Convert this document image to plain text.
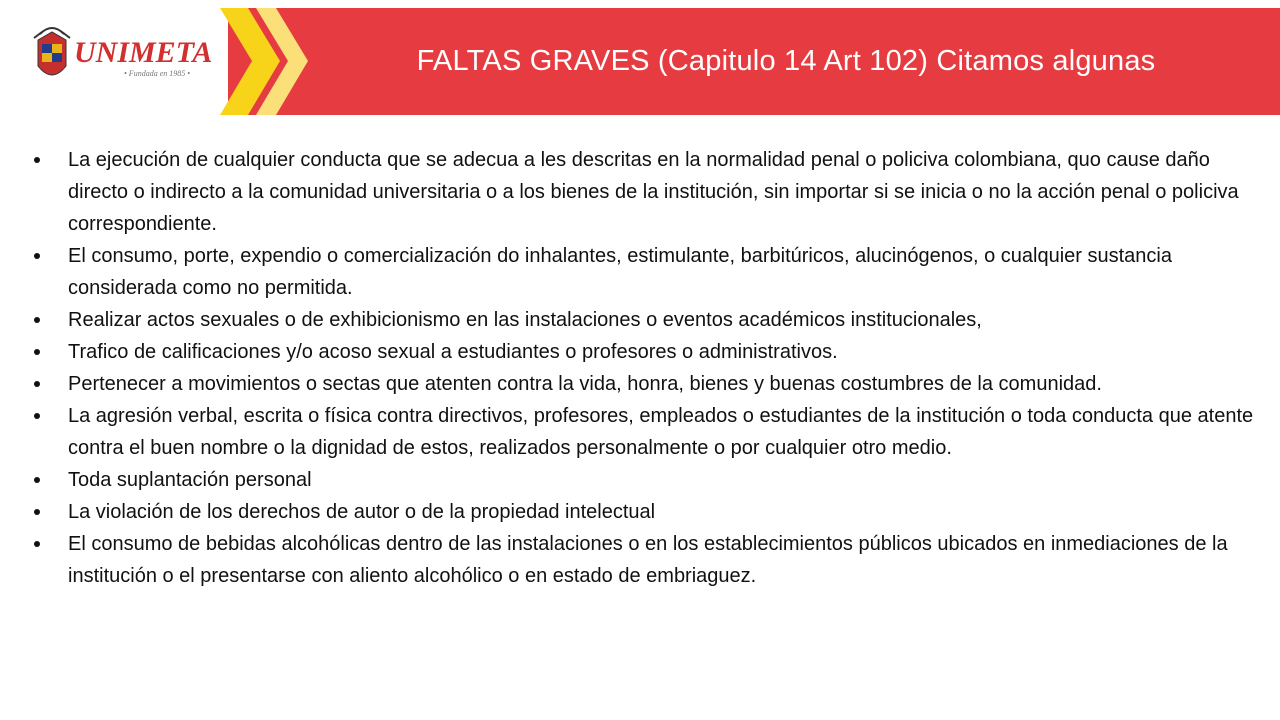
UNIMETA
• Fundada en 1985 •	FALTAS GRAVES (Capitulo 14 Art 102) Citamos algunas
La ejecución de cualquier conducta que se adecua a les descritas en la normalidad penal o policiva colombiana, quo cause daño directo o indirecto a la comunidad universitaria o a los bienes de la institución, sin importar si se inicia o no la acción penal o policiva correspondiente.
El consumo, porte, expendio o comercialización do inhalantes, estimulante, barbitúricos, alucinógenos, o cualquier sustancia considerada como no permitida.
Realizar actos sexuales o de exhibicionismo en las instalaciones o eventos académicos institucionales,
Trafico de calificaciones y/o acoso sexual a estudiantes o profesores o administrativos.
Pertenecer a movimientos o sectas que atenten contra la vida, honra, bienes y buenas costumbres de la comunidad.
La agresión verbal, escrita o física contra directivos, profesores, empleados o estudiantes de la institución o toda conducta que atente contra el buen nombre o la dignidad de estos, realizados personalmente o por cualquier otro medio.
Toda suplantación personal
La violación de los derechos de autor o de la propiedad intelectual
El consumo de bebidas alcohólicas dentro de las instalaciones o en los establecimientos públicos ubicados en inmediaciones de la institución o el presentarse con aliento alcohólico o en estado de embriaguez.
